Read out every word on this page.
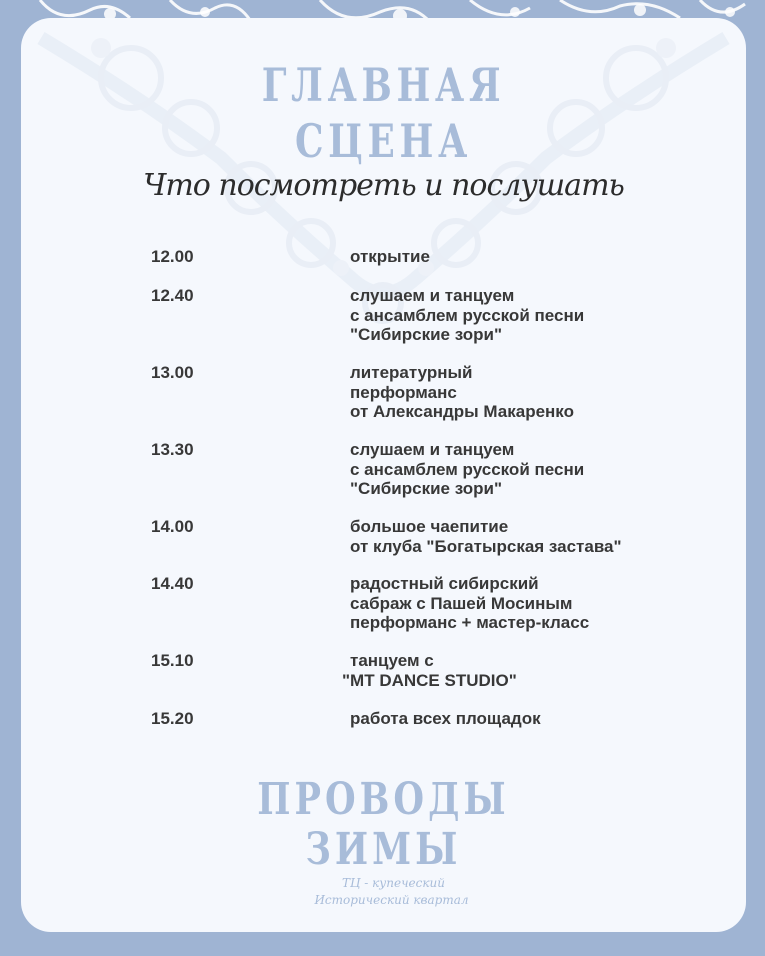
ГЛАВНАЯ

СЦЕНА

Что посмотреть и послушать

12.00	открытие
12.40	слушаем и танцуем
с ансамблем русской песни
"Сибирские зори"
13.00	литературный
перформанс
от Александры Макаренко
13.30	слушаем и танцуем
с ансамблем русской песни
"Сибирские зори"
14.00	большое чаепитие
от клуба "Богатырская застава"
14.40	радостный сибирский
сабраж с Пашей Мосиным
перформанс + мастер-класс
15.10	танцуем с
"MT DANCE STUDIO"
15.20	работа всех площадок

ПРОВОДЫ

ЗИМЫ

ТЦ - купеческий

Исторический квартал
